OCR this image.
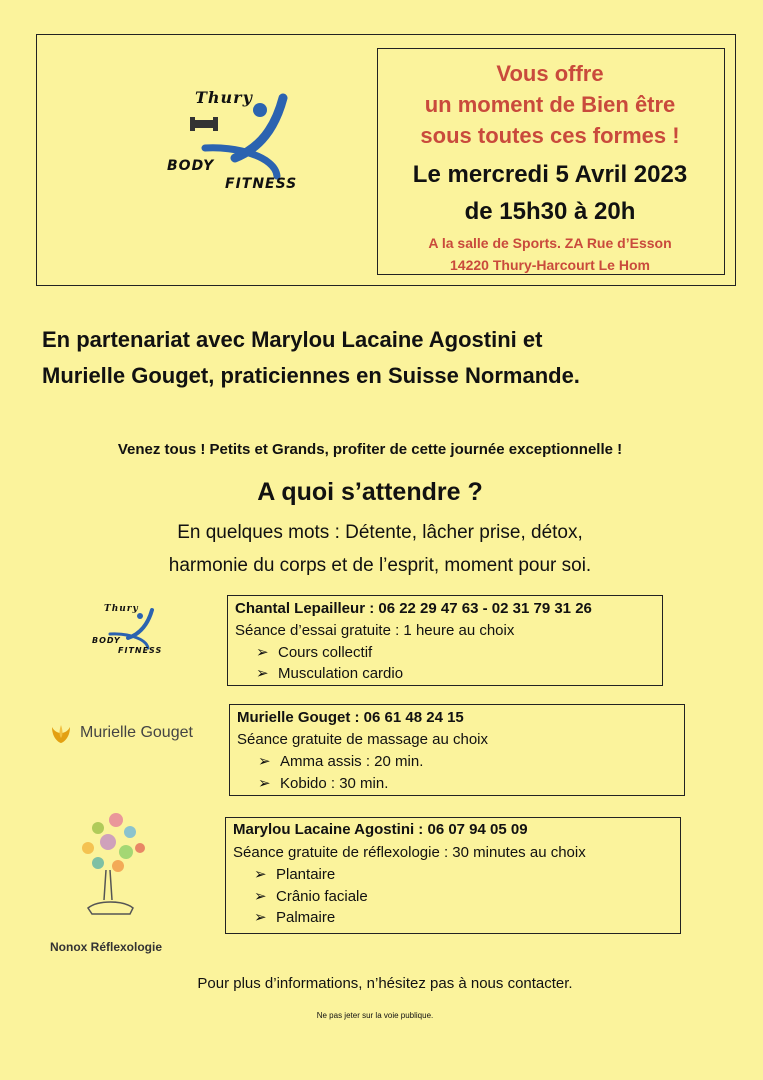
Thury
BODY
FITNESS
Vous offre
un moment de Bien être
sous toutes ces formes !
Le mercredi 5 Avril 2023
de 15h30 à 20h
A la salle de Sports. ZA Rue d’Esson
14220 Thury-Harcourt Le Hom
En partenariat avec Marylou Lacaine Agostini et
Murielle Gouget, praticiennes en Suisse Normande.
Venez tous ! Petits et Grands, profiter de cette journée exceptionnelle !
A quoi s’attendre ?
En quelques mots : Détente, lâcher prise, détox,
harmonie du corps et de l’esprit, moment pour soi.
Thury
BODY
FITNESS
Chantal Lepailleur : 06 22 29 47 63 - 02 31 79 31 26
Séance d’essai gratuite : 1 heure au choix
➢ Cours collectif
➢ Musculation cardio
Murielle Gouget
Murielle Gouget : 06 61 48 24 15
Séance gratuite de massage au choix
➢ Amma assis : 20 min.
➢ Kobido : 30 min.
Nonox Réflexologie
Marylou Lacaine Agostini : 06 07 94 05 09
Séance gratuite de réflexologie : 30 minutes au choix
➢ Plantaire
➢ Crânio faciale
➢ Palmaire
Pour plus d’informations, n’hésitez pas à nous contacter.
Ne pas jeter sur la voie publique.
